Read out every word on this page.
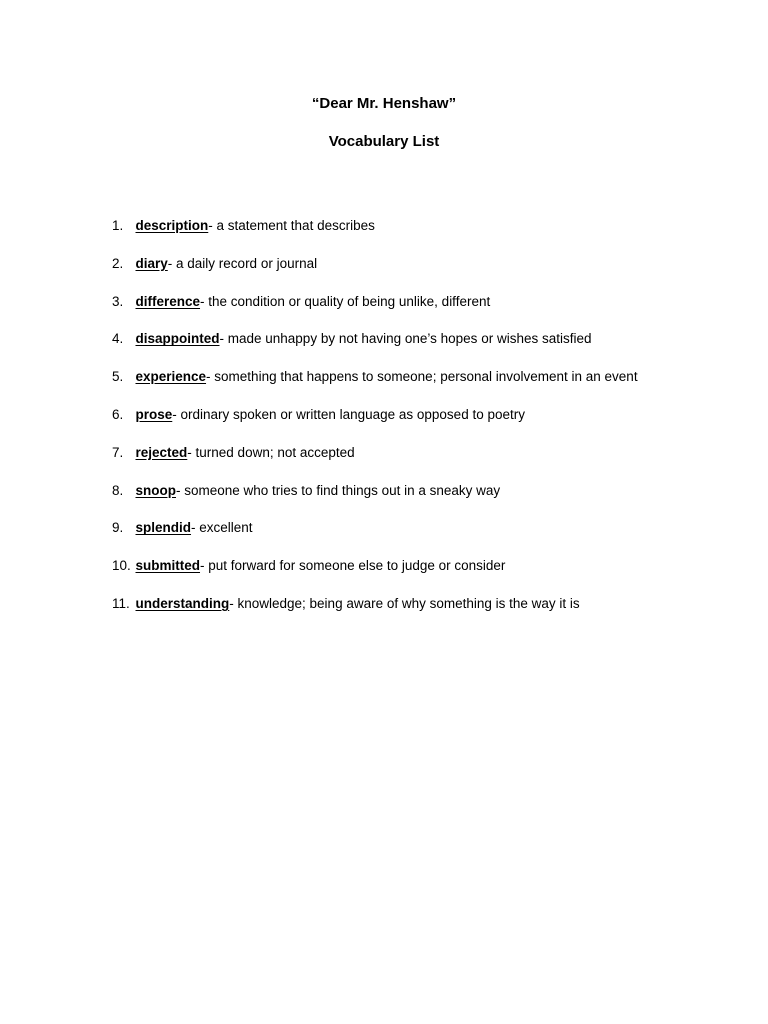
“Dear Mr. Henshaw”
Vocabulary List
1. description - a statement that describes
2. diary - a daily record or journal
3. difference - the condition or quality of being unlike, different
4. disappointed - made unhappy by not having one’s hopes or wishes satisfied
5. experience - something that happens to someone; personal involvement in an event
6. prose - ordinary spoken or written language as opposed to poetry
7. rejected - turned down; not accepted
8. snoop - someone who tries to find things out in a sneaky way
9. splendid - excellent
10. submitted - put forward for someone else to judge or consider
11. understanding - knowledge; being aware of why something is the way it is
